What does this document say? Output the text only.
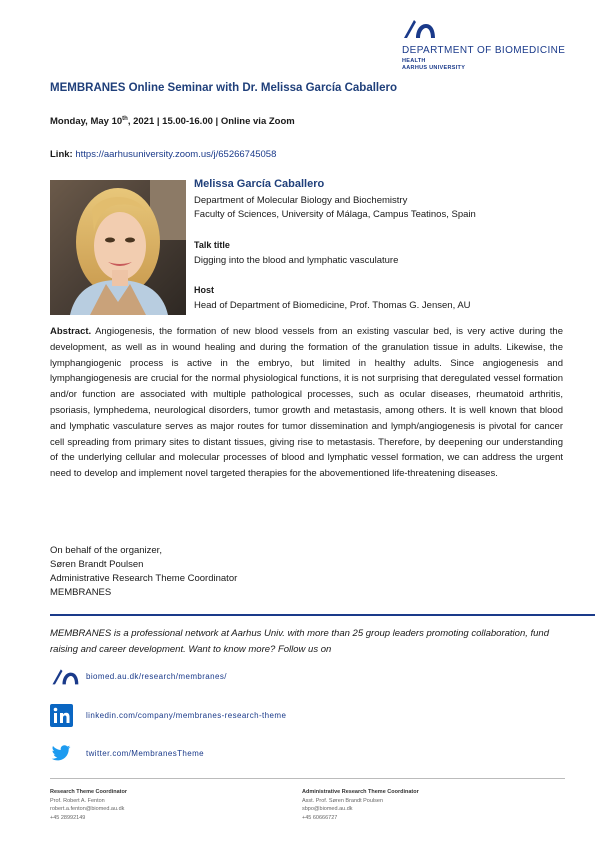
DEPARTMENT OF BIOMEDICINE
HEALTH
AARHUS UNIVERSITY
MEMBRANES Online Seminar with Dr. Melissa García Caballero
Monday, May 10th, 2021 | 15.00-16.00 | Online via Zoom
Link: https://aarhusuniversity.zoom.us/j/65266745058
Melissa García Caballero
Department of Molecular Biology and Biochemistry
Faculty of Sciences, University of Málaga, Campus Teatinos, Spain
Talk title
Digging into the blood and lymphatic vasculature
Host
Head of Department of Biomedicine, Prof. Thomas G. Jensen, AU
Abstract. Angiogenesis, the formation of new blood vessels from an existing vascular bed, is very active during the development, as well as in wound healing and during the formation of the granulation tissue in adults. Likewise, the lymphangiogenic process is active in the embryo, but limited in healthy adults. Since angiogenesis and lymphangiogenesis are crucial for the normal physiological functions, it is not surprising that deregulated vessel formation and/or function are associated with multiple pathological processes, such as ocular diseases, rheumatoid arthritis, psoriasis, lymphedema, neurological disorders, tumor growth and metastasis, among others. It is well known that blood and lymphatic vasculature serves as major routes for tumor dissemination and lymph/angiogenesis is pivotal for cancer cell spreading from primary sites to distant tissues, giving rise to metastasis. Therefore, by deepening our understanding of the underlying cellular and molecular processes of blood and lymphatic vessel formation, we can address the urgent need to develop and implement novel targeted therapies for the abovementioned life-threatening diseases.
On behalf of the organizer,
Søren Brandt Poulsen
Administrative Research Theme Coordinator
MEMBRANES
MEMBRANES is a professional network at Aarhus Univ. with more than 25 group leaders promoting collaboration, fund raising and career development. Want to know more? Follow us on
biomed.au.dk/research/membranes/
linkedin.com/company/membranes-research-theme
twitter.com/MembranesTheme
Research Theme Coordinator
Prof. Robert A. Fenton
robert.a.fenton@biomed.au.dk
+45 28992149
Administrative Research Theme Coordinator
Asst. Prof. Søren Brandt Poulsen
sbpo@biomed.au.dk
+45 60666727
